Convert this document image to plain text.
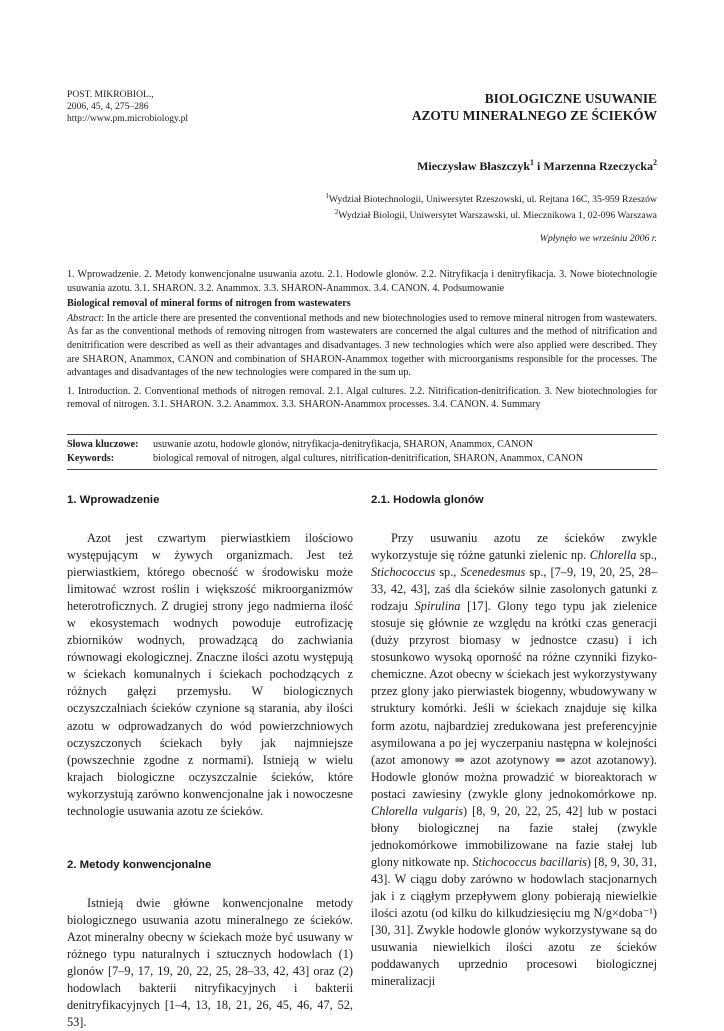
POST. MIKROBIOL.,
2006, 45, 4, 275–286
http://www.pm.microbiology.pl
BIOLOGICZNE USUWANIE
AZOTU MINERALNEGO ZE ŚCIEKÓW
Mieczysław Błaszczyk$^1$ i Marzenna Rzeczycka$^2$
$^1$Wydział Biotechnologii, Uniwersytet Rzeszowski, ul. Rejtana 16C, 35-959 Rzeszów
$^2$Wydział Biologii, Uniwersytet Warszawski, ul. Miecznikowa 1, 02-096 Warszawa
Wpłynęło we wrześniu 2006 r.

1. Wprowadzenie. 2. Metody konwencjonalne usuwania azotu. 2.1. Hodowle glonów. 2.2. Nitryfikacja i denitryfikacja. 3. Nowe biotechnologie usuwania azotu. 3.1. SHARON. 3.2. Anammox. 3.3. SHARON-Anammox. 3.4. CANON. 4. Podsumowanie

Biological removal of mineral forms of nitrogen from wastewaters

Abstract: In the article there are presented the conventional methods and new biotechnologies used to remove mineral nitrogen from wastewaters. As far as the conventional methods of removing nitrogen from wastewaters are concerned the algal cultures and the method of nitrification and denitrification were described as well as their advantages and disadvantages. 3 new technologies which were also applied were described. They are SHARON, Anammox, CANON and combination of SHARON-Anammox together with microorganisms responsible for the processes. The advantages and disadvantages of the new technologies were compared in the sum up.

1. Introduction. 2. Conventional methods of nitrogen removal. 2.1. Algal cultures. 2.2. Nitrification-denitrification. 3. New biotechnologies for removal of nitrogen. 3.1. SHARON. 3.2. Anammox. 3.3. SHARON-Anammox processes. 3.4. CANON. 4. Summary

Słowa kluczowe:	usuwanie azotu, hodowle glonów, nitryfikacja-denitryfikacja, SHARON, Anammox, CANON
Keywords:	biological removal of nitrogen, algal cultures, nitrification-denitrification, SHARON, Anammox, CANON
1. Wprowadzenie

Azot jest czwartym pierwiastkiem ilościowo występującym w żywych organizmach. Jest też pierwiastkiem, którego obecność w środowisku może limitować wzrost roślin i większość mikroorganizmów heterotroficznych. Z drugiej strony jego nadmierna ilość w ekosystemach wodnych powoduje eutrofizację zbiorników wodnych, prowadzącą do zachwiania równowagi ekologicznej. Znaczne ilości azotu występują w ściekach komunalnych i ściekach pochodzących z różnych gałęzi przemysłu. W biologicznych oczyszczalniach ścieków czynione są starania, aby ilości azotu w odprowadzanych do wód powierzchniowych oczyszczonych ściekach były jak najmniejsze (powszechnie zgodne z normami). Istnieją w wielu krajach biologiczne oczyszczalnie ścieków, które wykorzystują zarówno konwencjonalne jak i nowoczesne technologie usuwania azotu ze ścieków.

2. Metody konwencjonalne

Istnieją dwie główne konwencjonalne metody biologicznego usuwania azotu mineralnego ze ścieków. Azot mineralny obecny w ściekach może być usuwany w różnego typu naturalnych i sztucznych hodowlach (1) glonów [7–9, 17, 19, 20, 22, 25, 28–33, 42, 43] oraz (2) hodowlach bakterii nitryfikacyjnych i bakterii denitryfikacyjnych [1–4, 13, 18, 21, 26, 45, 46, 47, 52, 53].

2.1. Hodowla glonów

Przy usuwaniu azotu ze ścieków zwykle wykorzystuje się różne gatunki zielenic np. Chlorella sp., Stichococcus sp., Scenedesmus sp., [7–9, 19, 20, 25, 28–33, 42, 43], zaś dla ścieków silnie zasolonych gatunki z rodzaju Spirulina [17]. Glony tego typu jak zielenice stosuje się głównie ze względu na krótki czas generacji (duży przyrost biomasy w jednostce czasu) i ich stosunkowo wysoką oporność na różne czynniki fizyko-chemiczne. Azot obecny w ściekach jest wykorzystywany przez glony jako pierwiastek biogenny, wbudowywany w struktury komórki. Jeśli w ściekach znajduje się kilka form azotu, najbardziej zredukowana jest preferencyjnie asymilowana a po jej wyczerpaniu następna w kolejności (azot amonowy ⇒ azot azotynowy ⇒ azot azotanowy). Hodowle glonów można prowadzić w bioreaktorach w postaci zawiesiny (zwykle glony jednokomórkowe np. Chlorella vulgaris) [8, 9, 20, 22, 25, 42] lub w postaci błony biologicznej na fazie stałej (zwykle jednokomórkowe immobilizowane na fazie stałej lub glony nitkowate np. Stichococcus bacillaris) [8, 9, 30, 31, 43]. W ciągu doby zarówno w hodowlach stacjonarnych jak i z ciągłym przepływem glony pobierają niewielkie ilości azotu (od kilku do kilkudziesięciu mg N/g×doba⁻¹) [30, 31]. Zwykle hodowle glonów wykorzystywane są do usuwania niewielkich ilości azotu ze ścieków poddawanych uprzednio procesowi biologicznej mineralizacji
